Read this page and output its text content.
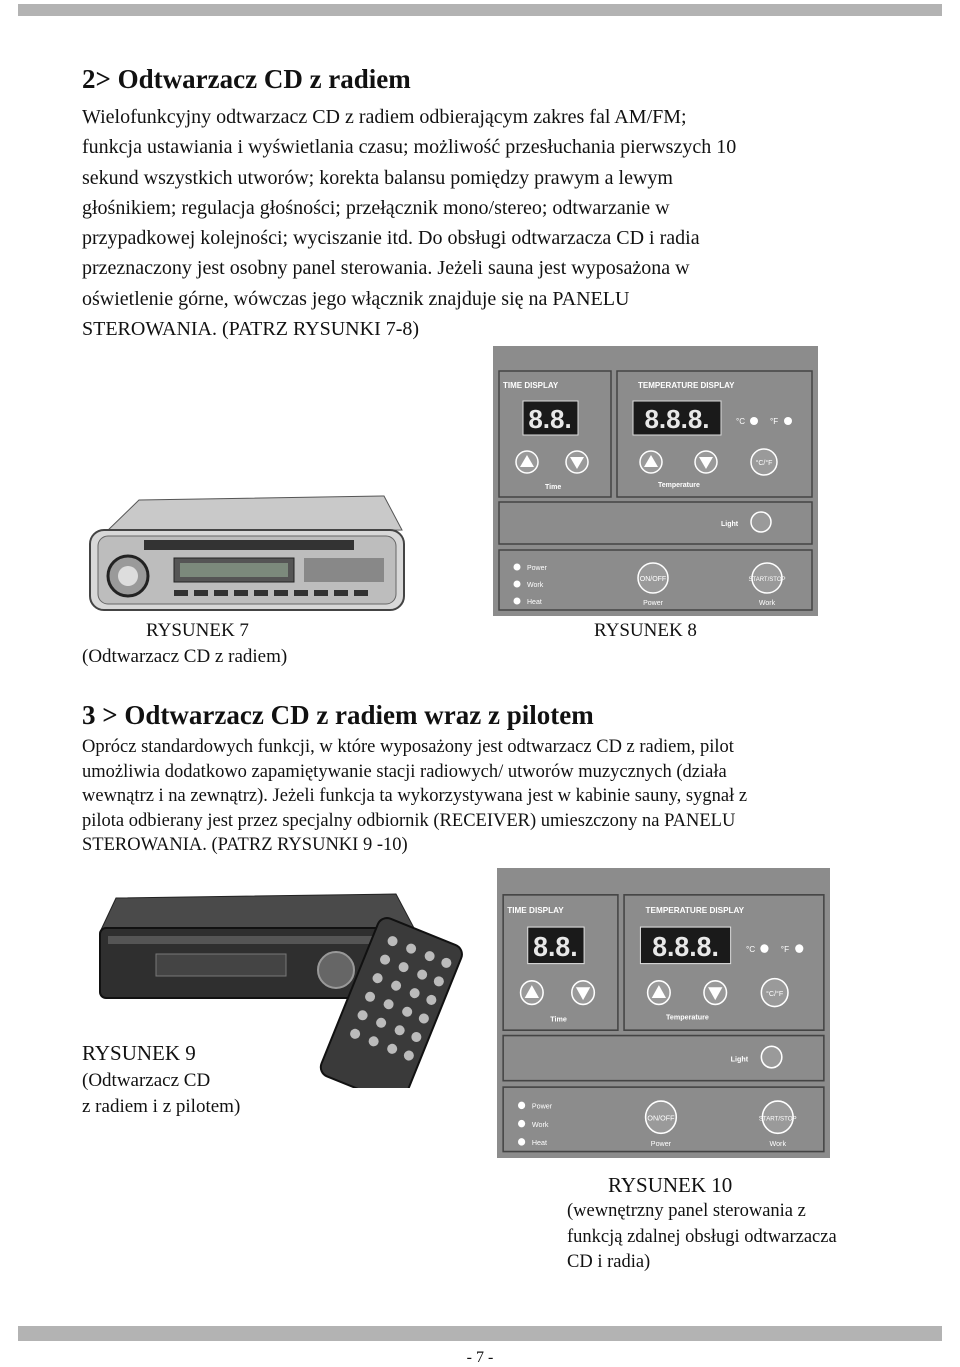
2> Odtwarzacz CD z radiem
Wielofunkcyjny odtwarzacz CD z radiem odbierającym zakres fal AM/FM;
funkcja ustawiania i wyświetlania czasu; możliwość przesłuchania pierwszych 10
sekund wszystkich utworów; korekta balansu pomiędzy prawym a lewym
głośnikiem; regulacja głośności; przełącznik mono/stereo; odtwarzanie w
przypadkowej kolejności; wyciszanie itd. Do obsługi odtwarzacza CD i radia
przeznaczony jest osobny panel sterowania. Jeżeli sauna jest wyposażona w
oświetlenie górne, wówczas jego włącznik znajduje się na PANELU
STEROWANIA. (PATRZ RYSUNKI 7-8)
TIME DISPLAY	TEMPERATURE DISPLAY
8.8.	8.8.8.	°C	°F
°C/°F
Time	Temperature
Light
Power
Work
Heat
ON/OFF
Power
START/STOP
Work
RYSUNEK 7
(Odtwarzacz CD z radiem)
RYSUNEK 8
3 > Odtwarzacz CD z radiem wraz z pilotem
Oprócz standardowych funkcji, w które wyposażony jest odtwarzacz CD z radiem, pilot
umożliwia dodatkowo zapamiętywanie stacji radiowych/ utworów muzycznych (działa
wewnątrz i na zewnątrz). Jeżeli funkcja ta wykorzystywana jest w kabinie sauny, sygnał z
pilota odbierany jest przez specjalny odbiornik (RECEIVER) umieszczony na PANELU
STEROWANIA. (PATRZ RYSUNKI 9 -10)
RYSUNEK 9
(Odtwarzacz CD
z radiem i z pilotem)
TIME DISPLAY	TEMPERATURE DISPLAY
8.8.	8.8.8.	°C	°F
°C/°F
Time	Temperature
Light
Power
Work
Heat
ON/OFF
Power
START/STOP
Work
RYSUNEK 10
(wewnętrzny panel sterowania z
funkcją zdalnej obsługi odtwarzacza
CD i radia)
- 7 -
